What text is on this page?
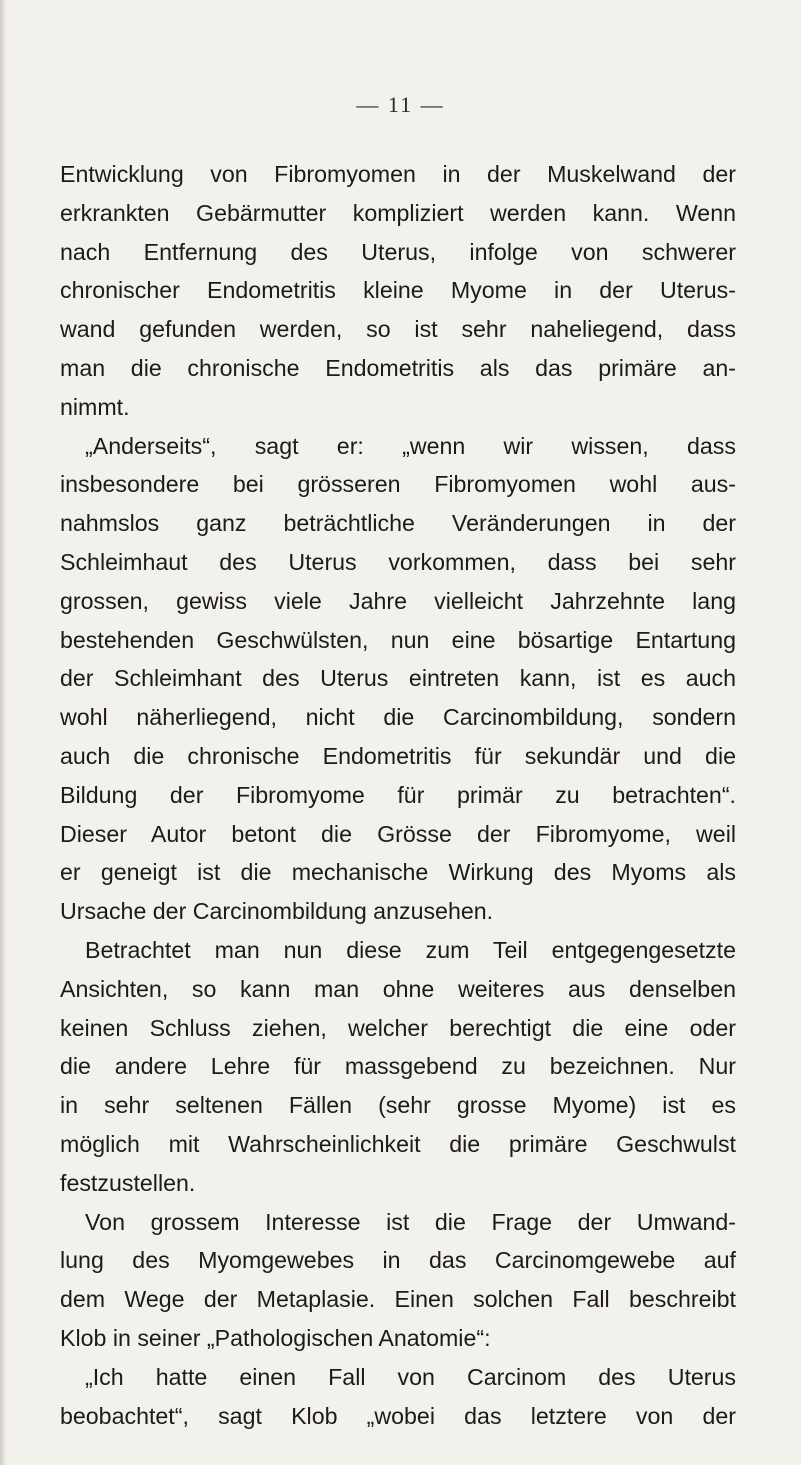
— 11 —
Entwicklung von Fibromyomen in der Muskelwand der
erkrankten Gebärmutter kompliziert werden kann. Wenn
nach Entfernung des Uterus, infolge von schwerer
chronischer Endometritis kleine Myome in der Uterus-
wand gefunden werden, so ist sehr naheliegend, dass
man die chronische Endometritis als das primäre an-
nimmt.
„Anderseits“, sagt er: „wenn wir wissen, dass
insbesondere bei grösseren Fibromyomen wohl aus-
nahmslos ganz beträchtliche Veränderungen in der
Schleimhaut des Uterus vorkommen, dass bei sehr
grossen, gewiss viele Jahre vielleicht Jahrzehnte lang
bestehenden Geschwülsten, nun eine bösartige Entartung
der Schleimhant des Uterus eintreten kann, ist es auch
wohl näherliegend, nicht die Carcinombildung, sondern
auch die chronische Endometritis für sekundär und die
Bildung der Fibromyome für primär zu betrachten“.
Dieser Autor betont die Grösse der Fibromyome, weil
er geneigt ist die mechanische Wirkung des Myoms als
Ursache der Carcinombildung anzusehen.
Betrachtet man nun diese zum Teil entgegengesetzte
Ansichten, so kann man ohne weiteres aus denselben
keinen Schluss ziehen, welcher berechtigt die eine oder
die andere Lehre für massgebend zu bezeichnen. Nur
in sehr seltenen Fällen (sehr grosse Myome) ist es
möglich mit Wahrscheinlichkeit die primäre Geschwulst
festzustellen.
Von grossem Interesse ist die Frage der Umwand-
lung des Myomgewebes in das Carcinomgewebe auf
dem Wege der Metaplasie. Einen solchen Fall beschreibt
Klob in seiner „Pathologischen Anatomie“:
„Ich hatte einen Fall von Carcinom des Uterus
beobachtet“, sagt Klob „wobei das letztere von der
